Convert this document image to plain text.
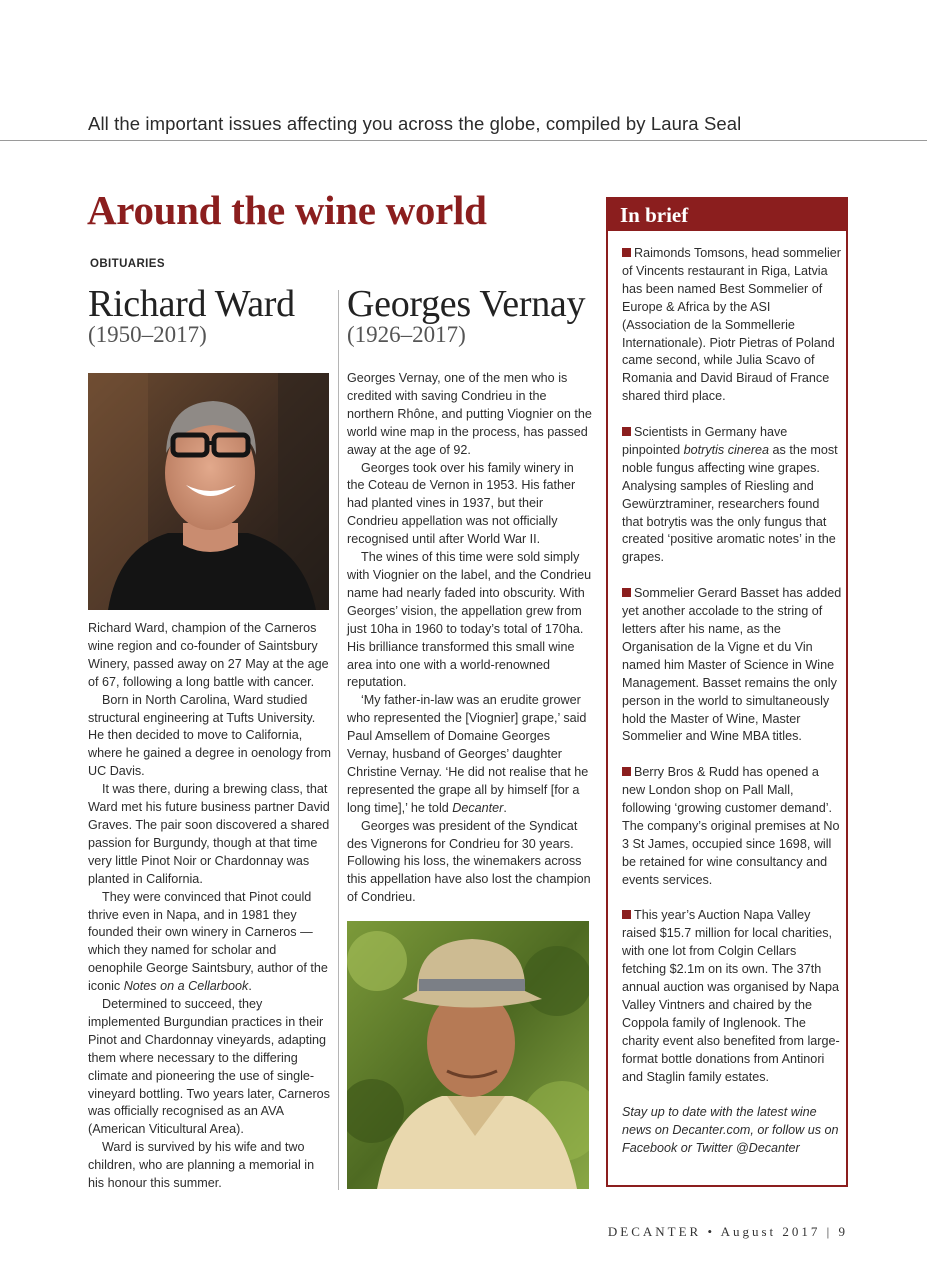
All the important issues affecting you across the globe, compiled by Laura Seal
Around the wine world
OBITUARIES
Richard Ward
(1950–2017)

Richard Ward, champion of the Carneros wine region and co-founder of Saintsbury Winery, passed away on 27 May at the age of 67, following a long battle with cancer.

Born in North Carolina, Ward studied structural engineering at Tufts University. He then decided to move to California, where he gained a degree in oenology from UC Davis.

It was there, during a brewing class, that Ward met his future business partner David Graves. The pair soon discovered a shared passion for Burgundy, though at that time very little Pinot Noir or Chardonnay was planted in California.

They were convinced that Pinot could thrive even in Napa, and in 1981 they founded their own winery in Carneros — which they named for scholar and oenophile George Saintsbury, author of the iconic Notes on a Cellarbook.

Determined to succeed, they implemented Burgundian practices in their Pinot and Chardonnay vineyards, adapting them where necessary to the differing climate and pioneering the use of single-vineyard bottling. Two years later, Carneros was officially recognised as an AVA (American Viticultural Area).

Ward is survived by his wife and two children, who are planning a memorial in his honour this summer.

Georges Vernay
(1926–2017)

Georges Vernay, one of the men who is credited with saving Condrieu in the northern Rhône, and putting Viognier on the world wine map in the process, has passed away at the age of 92.

Georges took over his family winery in the Coteau de Vernon in 1953. His father had planted vines in 1937, but their Condrieu appellation was not officially recognised until after World War II.

The wines of this time were sold simply with Viognier on the label, and the Condrieu name had nearly faded into obscurity. With Georges’ vision, the appellation grew from just 10ha in 1960 to today’s total of 170ha. His brilliance transformed this small wine area into one with a world-renowned reputation.

‘My father-in-law was an erudite grower who represented the [Viognier] grape,’ said Paul Amsellem of Domaine Georges Vernay, husband of Georges’ daughter Christine Vernay. ‘He did not realise that he represented the grape all by himself [for a long time],’ he told Decanter.

Georges was president of the Syndicat des Vignerons for Condrieu for 30 years. Following his loss, the winemakers across this appellation have also lost the champion of Condrieu.

In brief

Raimonds Tomsons, head sommelier of Vincents restaurant in Riga, Latvia has been named Best Sommelier of Europe & Africa by the ASI (Association de la Sommellerie Internationale). Piotr Pietras of Poland came second, while Julia Scavo of Romania and David Biraud of France shared third place.

Scientists in Germany have pinpointed botrytis cinerea as the most noble fungus affecting wine grapes. Analysing samples of Riesling and Gewürztraminer, researchers found that botrytis was the only fungus that created ‘positive aromatic notes’ in the grapes.

Sommelier Gerard Basset has added yet another accolade to the string of letters after his name, as the Organisation de la Vigne et du Vin named him Master of Science in Wine Management. Basset remains the only person in the world to simultaneously hold the Master of Wine, Master Sommelier and Wine MBA titles.

Berry Bros & Rudd has opened a new London shop on Pall Mall, following ‘growing customer demand’. The company’s original premises at No 3 St James, occupied since 1698, will be retained for wine consultancy and events services.

This year’s Auction Napa Valley raised $15.7 million for local charities, with one lot from Colgin Cellars fetching $2.1m on its own. The 37th annual auction was organised by Napa Valley Vintners and chaired by the Coppola family of Inglenook. The charity event also benefited from large-format bottle donations from Antinori and Staglin family estates.

Stay up to date with the latest wine news on Decanter.com, or follow us on Facebook or Twitter @Decanter

DECANTER • August 2017 | 9
